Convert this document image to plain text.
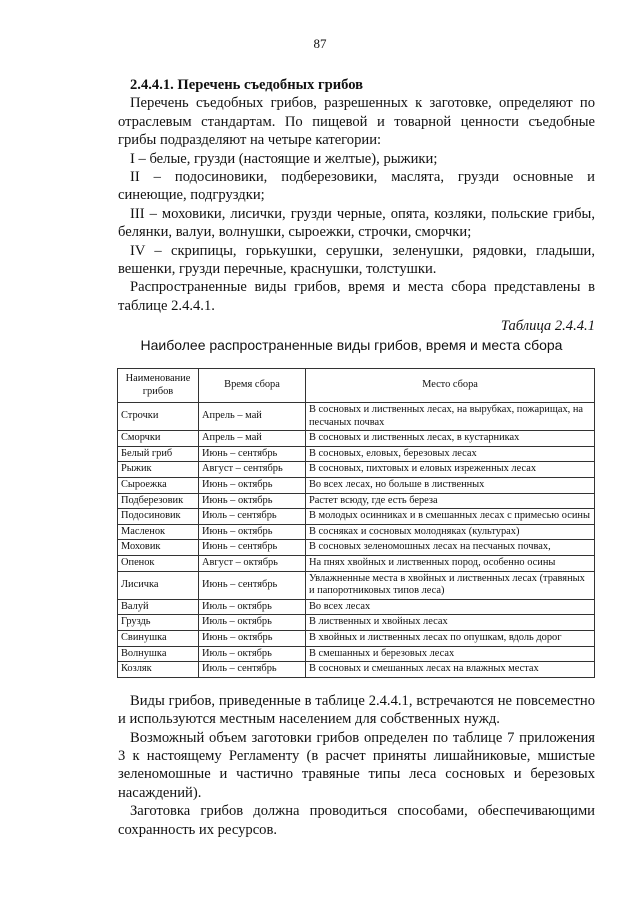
87

2.4.4.1. Перечень съедобных грибов

Перечень съедобных грибов, разрешенных к заготовке, определяют по отраслевым стандартам. По пищевой и товарной ценности съедобные грибы подразделяют на четыре категории:

I – белые, грузди (настоящие и желтые), рыжики;

II – подосиновики, подберезовики, маслята, грузди основные и синеющие, подгруздки;

III – моховики, лисички, грузди черные, опята, козляки, польские грибы, белянки, валуи, волнушки, сыроежки, строчки, сморчки;

IV – скрипицы, горькушки, серушки, зеленушки, рядовки, гладыши, вешенки, грузди перечные, краснушки, толстушки.

Распространенные виды грибов, время и места сбора представлены в таблице 2.4.4.1.

Таблица 2.4.4.1

Наиболее распространенные виды грибов, время и места сбора

Наименование грибов	Время сбора	Место сбора
Строчки	Апрель – май	В сосновых и лиственных лесах, на вырубках, пожарищах, на песчаных почвах
Сморчки	Апрель – май	В сосновых и лиственных лесах, в кустарниках
Белый гриб	Июнь – сентябрь	В сосновых, еловых, березовых лесах
Рыжик	Август – сентябрь	В сосновых, пихтовых и еловых изреженных лесах
Сыроежка	Июнь – октябрь	Во всех лесах, но больше в лиственных
Подберезовик	Июнь – октябрь	Растет всюду, где есть береза
Подосиновик	Июль – сентябрь	В молодых осинниках и в смешанных лесах с примесью осины
Масленок	Июнь – октябрь	В сосняках и сосновых молодняках (культурах)
Моховик	Июнь – сентябрь	В сосновых зеленомошных лесах на песчаных почвах,
Опенок	Август – октябрь	На пнях хвойных и лиственных пород, особенно осины
Лисичка	Июнь – сентябрь	Увлажненные места в хвойных и лиственных лесах (травяных и папоротниковых типов леса)
Валуй	Июль – октябрь	Во всех лесах
Груздь	Июль – октябрь	В лиственных и хвойных лесах
Свинушка	Июнь – октябрь	В хвойных и лиственных лесах по опушкам, вдоль дорог
Волнушка	Июль – октябрь	В смешанных и березовых лесах
Козляк	Июль – сентябрь	В сосновых и смешанных лесах на влажных местах

Виды грибов, приведенные в таблице 2.4.4.1, встречаются не повсеместно и используются местным населением для собственных нужд.

Возможный объем заготовки грибов определен по таблице 7 приложения 3 к настоящему Регламенту (в расчет приняты лишайниковые, мшистые зеленомошные и частично травяные типы леса сосновых и березовых насаждений).

Заготовка грибов должна проводиться способами, обеспечивающими сохранность их ресурсов.
